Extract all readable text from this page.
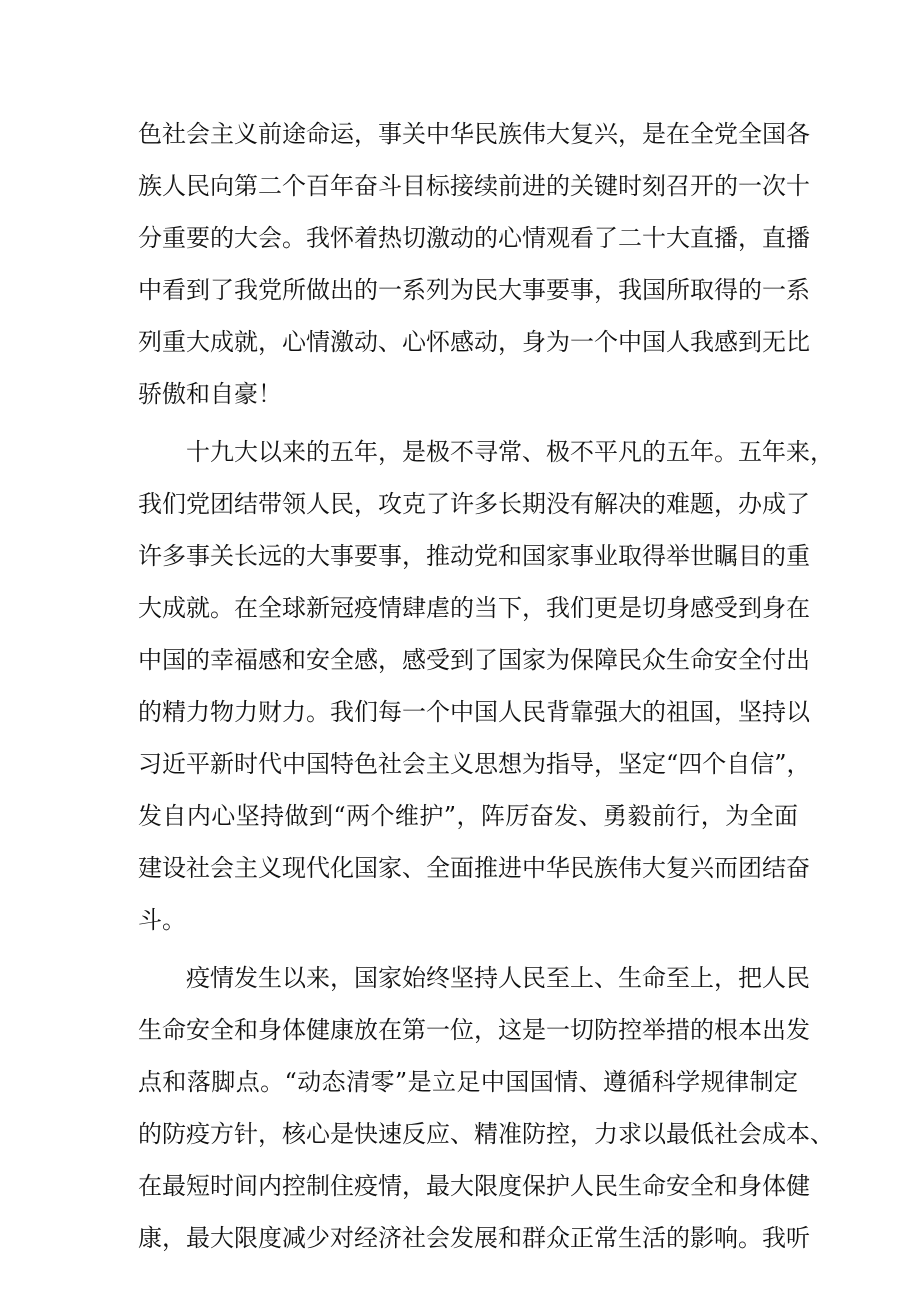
色社会主义前途命运，事关中华民族伟大复兴，是在全党全国各
族人民向第二个百年奋斗目标接续前进的关键时刻召开的一次十
分重要的大会。我怀着热切激动的心情观看了二十大直播，直播
中看到了我党所做出的一系列为民大事要事，我国所取得的一系
列重大成就，心情激动、心怀感动，身为一个中国人我感到无比
骄傲和自豪！
十九大以来的五年，是极不寻常、极不平凡的五年。五年来，
我们党团结带领人民，攻克了许多长期没有解决的难题，办成了
许多事关长远的大事要事，推动党和国家事业取得举世瞩目的重
大成就。在全球新冠疫情肆虐的当下，我们更是切身感受到身在
中国的幸福感和安全感，感受到了国家为保障民众生命安全付出
的精力物力财力。我们每一个中国人民背靠强大的祖国，坚持以
习近平新时代中国特色社会主义思想为指导，坚定“四个自信”，
发自内心坚持做到“两个维护”，阵厉奋发、勇毅前行，为全面
建设社会主义现代化国家、全面推进中华民族伟大复兴而团结奋
斗。
疫情发生以来，国家始终坚持人民至上、生命至上，把人民
生命安全和身体健康放在第一位，这是一切防控举措的根本出发
点和落脚点。“动态清零”是立足中国国情、遵循科学规律制定
的防疫方针，核心是快速反应、精准防控，力求以最低社会成本、
在最短时间内控制住疫情，最大限度保护人民生命安全和身体健
康，最大限度减少对经济社会发展和群众正常生活的影响。我听
